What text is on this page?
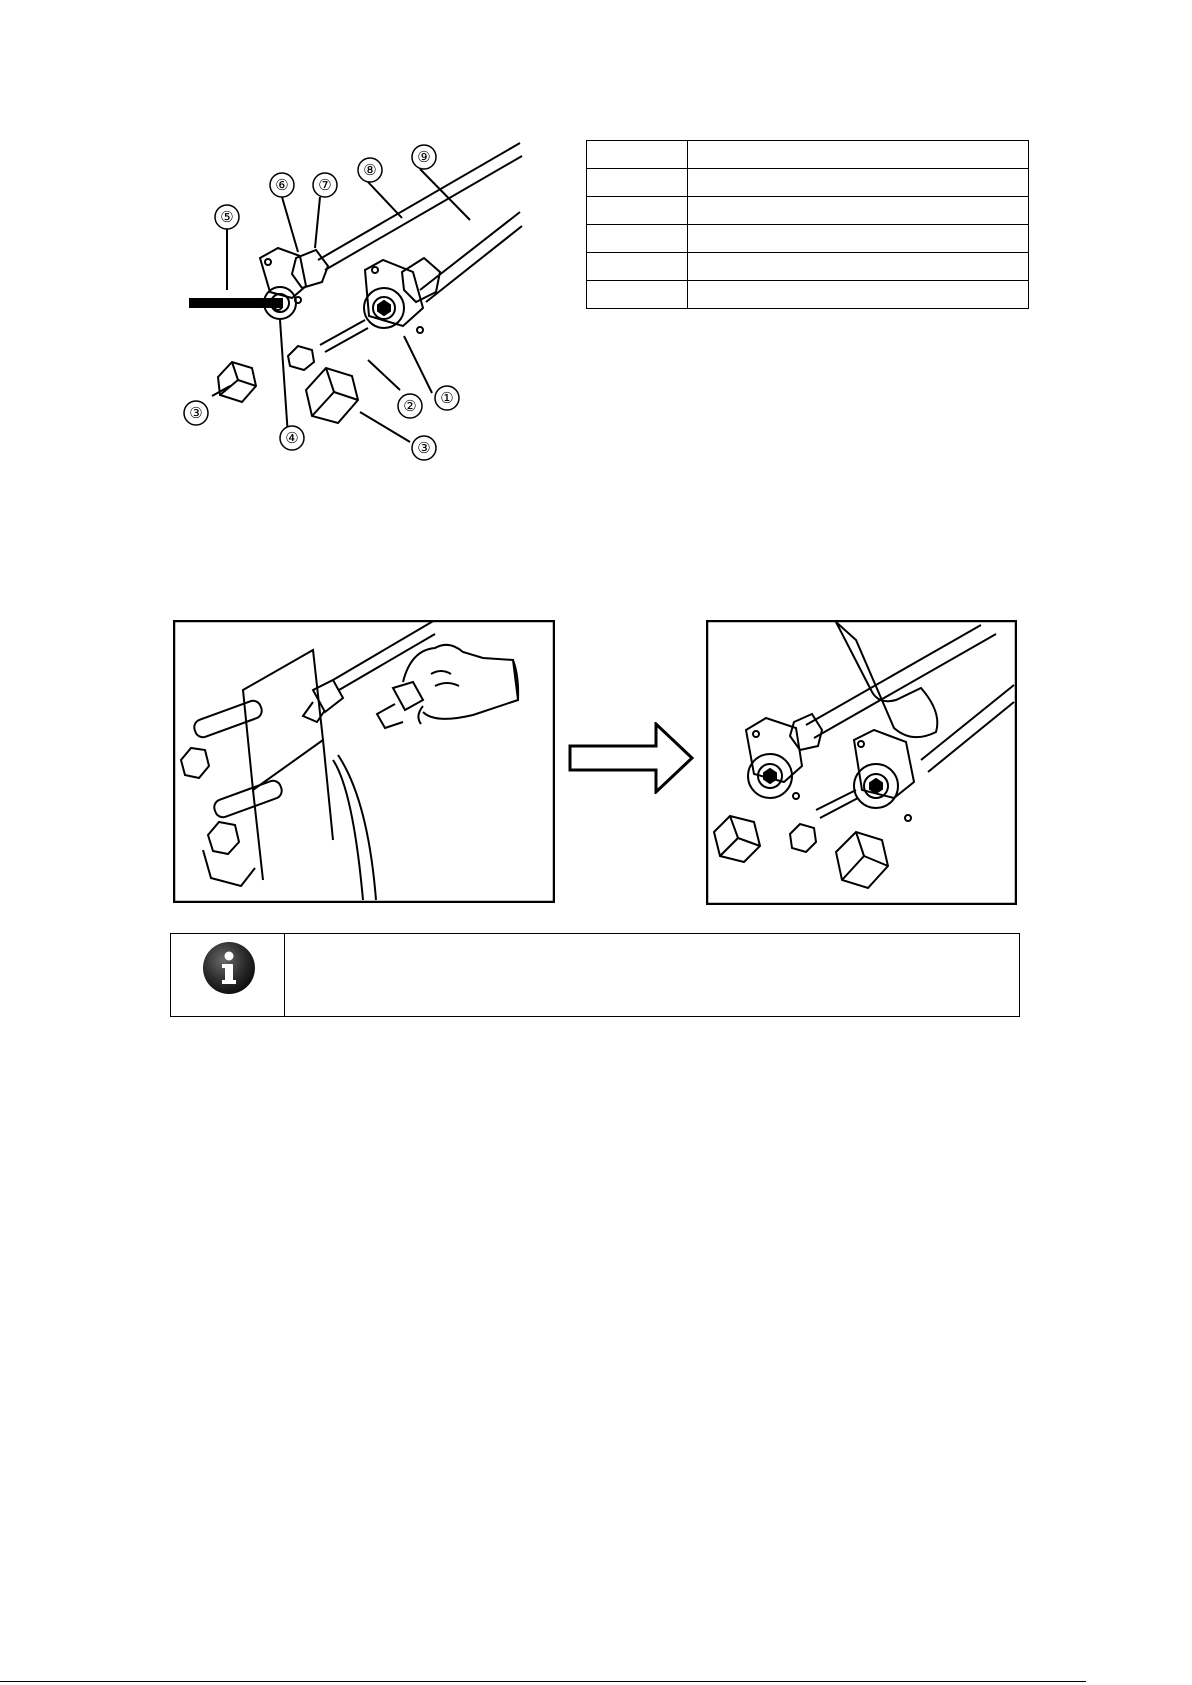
⑤
⑥ ⑦
⑧
⑨
③
④
② ①
③
